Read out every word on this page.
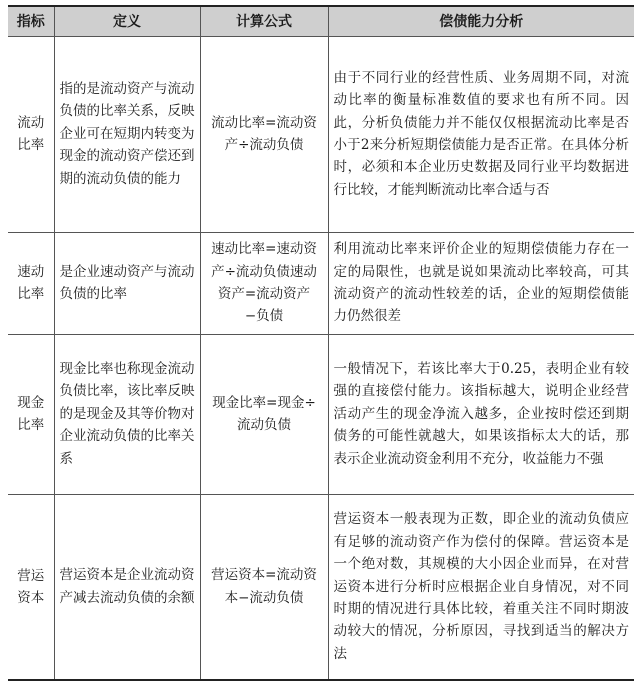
指标	定义	计算公式	偿债能力分析
流动比率	指的是流动资产与流动负债的比率关系，反映企业可在短期内转变为现金的流动资产偿还到期的流动负债的能力	流动比率=流动资产÷流动负债	由于不同行业的经营性质、业务周期不同，对流动比率的衡量标准数值的要求也有所不同。因此，分析负债能力并不能仅仅根据流动比率是否小于2来分析短期偿债能力是否正常。在具体分析时，必须和本企业历史数据及同行业平均数据进行比较，才能判断流动比率合适与否
速动比率	是企业速动资产与流动负债的比率	速动比率=速动资产÷流动负债速动资产=流动资产−负债	利用流动比率来评价企业的短期偿债能力存在一定的局限性，也就是说如果流动比率较高，可其流动资产的流动性较差的话，企业的短期偿债能力仍然很差
现金比率	现金比率也称现金流动负债比率，该比率反映的是现金及其等价物对企业流动负债的比率关系	现金比率=现金÷流动负债	一般情况下，若该比率大于0.25，表明企业有较强的直接偿付能力。该指标越大，说明企业经营活动产生的现金净流入越多，企业按时偿还到期债务的可能性就越大，如果该指标太大的话，那表示企业流动资金利用不充分，收益能力不强
营运资本	营运资本是企业流动资产减去流动负债的余额	营运资本=流动资本−流动负债	营运资本一般表现为正数，即企业的流动负债应有足够的流动资产作为偿付的保障。营运资本是一个绝对数，其规模的大小因企业而异，在对营运资本进行分析时应根据企业自身情况，对不同时期的情况进行具体比较，着重关注不同时期波动较大的情况，分析原因，寻找到适当的解决方法
